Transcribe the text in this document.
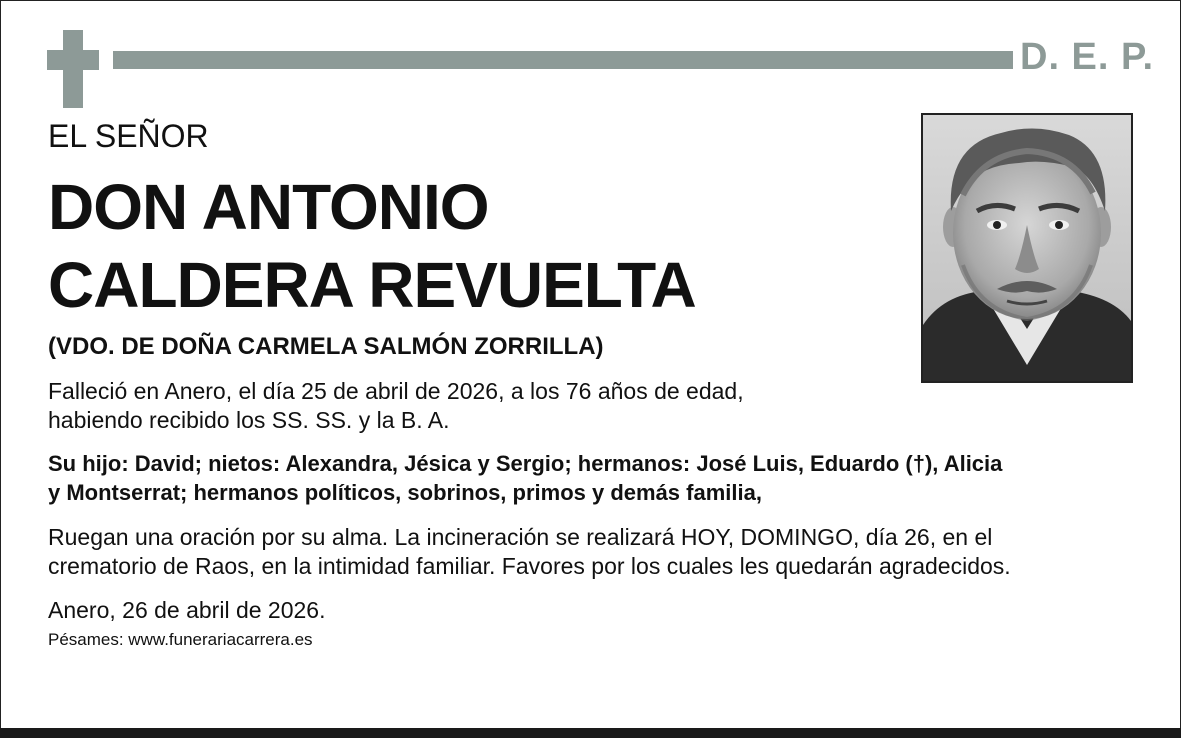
D. E. P.
EL SEÑOR
DON ANTONIO
CALDERA REVUELTA
(VDO. DE DOÑA CARMELA SALMÓN ZORRILLA)
Falleció en Anero, el día 25 de abril de 2026, a los 76 años de edad,
habiendo recibido los SS. SS. y la B. A.
Su hijo: David; nietos: Alexandra, Jésica y Sergio; hermanos: José Luis, Eduardo (†), Alicia
y Montserrat; hermanos políticos, sobrinos, primos y demás familia,
Ruegan una oración por su alma. La incineración se realizará HOY, DOMINGO, día 26, en el
crematorio de Raos, en la intimidad familiar. Favores por los cuales les quedarán agradecidos.
Anero, 26 de abril de 2026.
Pésames: www.funerariacarrera.es
